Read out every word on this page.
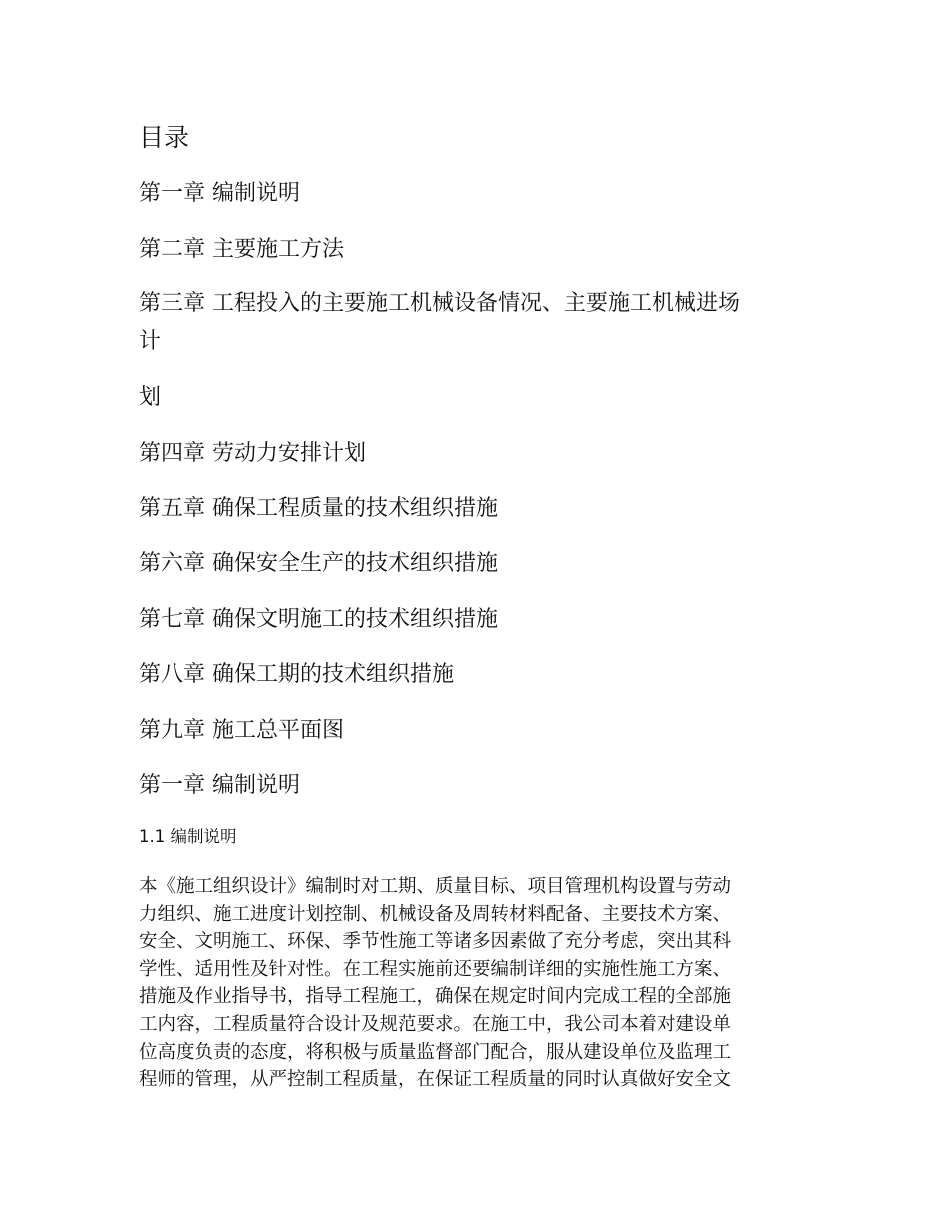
目录

第一章 编制说明

第二章 主要施工方法

第三章 工程投入的主要施工机械设备情况、主要施工机械进场

计

划

第四章 劳动力安排计划

第五章 确保工程质量的技术组织措施

第六章 确保安全生产的技术组织措施

第七章 确保文明施工的技术组织措施

第八章 确保工期的技术组织措施

第九章 施工总平面图

第一章 编制说明

1.1 编制说明

本《施工组织设计》编制时对工期、质量目标、项目管理机构设置与劳动
力组织、施工进度计划控制、机械设备及周转材料配备、主要技术方案、
安全、文明施工、环保、季节性施工等诸多因素做了充分考虑，突出其科
学性、适用性及针对性。在工程实施前还要编制详细的实施性施工方案、
措施及作业指导书，指导工程施工，确保在规定时间内完成工程的全部施
工内容，工程质量符合设计及规范要求。在施工中，我公司本着对建设单
位高度负责的态度，将积极与质量监督部门配合，服从建设单位及监理工
程师的管理，从严控制工程质量，在保证工程质量的同时认真做好安全文
